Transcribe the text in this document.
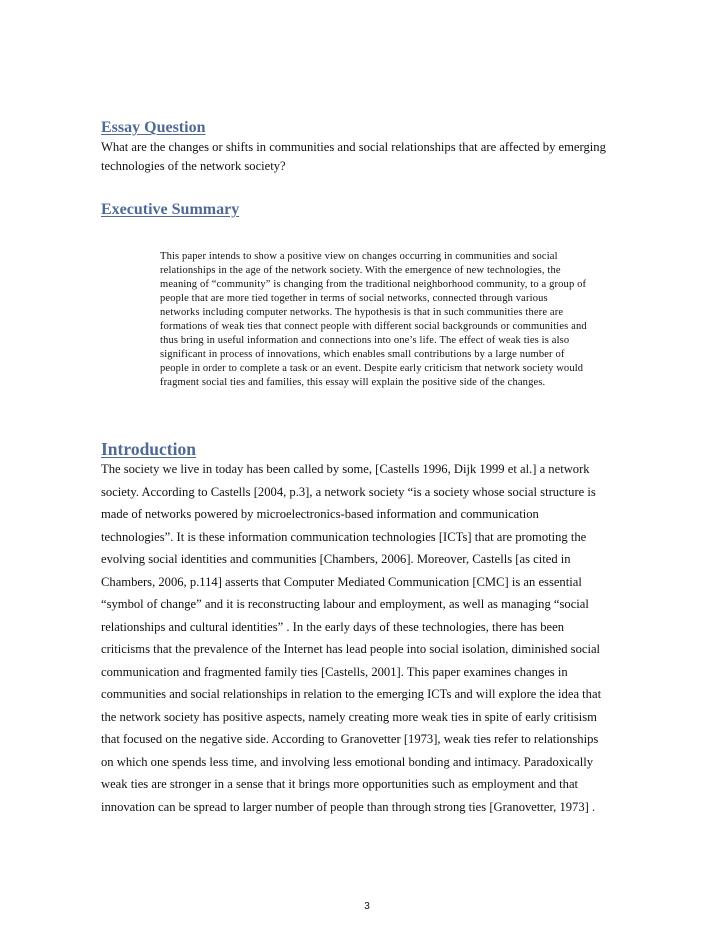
Essay Question

What are the changes or shifts in communities and social relationships that are affected by emerging technologies of the network society?

Executive Summary

This paper intends to show a positive view on changes occurring in communities and social relationships in the age of the network society. With the emergence of new technologies, the meaning of “community” is changing from the traditional neighborhood community, to a group of people that are more tied together in terms of social networks, connected through various networks including computer networks. The hypothesis is that in such communities there are formations of weak ties that connect people with different social backgrounds or communities and thus bring in useful information and connections into one’s life. The effect of weak ties is also significant in process of innovations, which enables small contributions by a large number of people in order to complete a task or an event. Despite early criticism that network society would fragment social ties and families, this essay will explain the positive side of the changes.

Introduction
The society we live in today has been called by some, [Castells 1996, Dijk 1999 et al.] a network
society. According to Castells [2004, p.3], a network society “is a society whose social structure is
made of networks powered by microelectronics-based information and communication
technologies”. It is these information communication technologies [ICTs] that are promoting the
evolving social identities and communities [Chambers, 2006]. Moreover, Castells [as cited in
Chambers, 2006, p.114] asserts that Computer Mediated Communication [CMC] is an essential
“symbol of change” and it is reconstructing labour and employment, as well as managing “social
relationships and cultural identities” . In the early days of these technologies, there has been
criticisms that the prevalence of the Internet has lead people into social isolation, diminished social
communication and fragmented family ties [Castells, 2001]. This paper examines changes in
communities and social relationships in relation to the emerging ICTs and will explore the idea that
the network society has positive aspects, namely creating more weak ties in spite of early critisism
that focused on the negative side. According to Granovetter [1973], weak ties refer to relationships
on which one spends less time, and involving less emotional bonding and intimacy. Paradoxically
weak ties are stronger in a sense that it brings more opportunities such as employment and that
innovation can be spread to larger number of people than through strong ties [Granovetter, 1973] .
3
